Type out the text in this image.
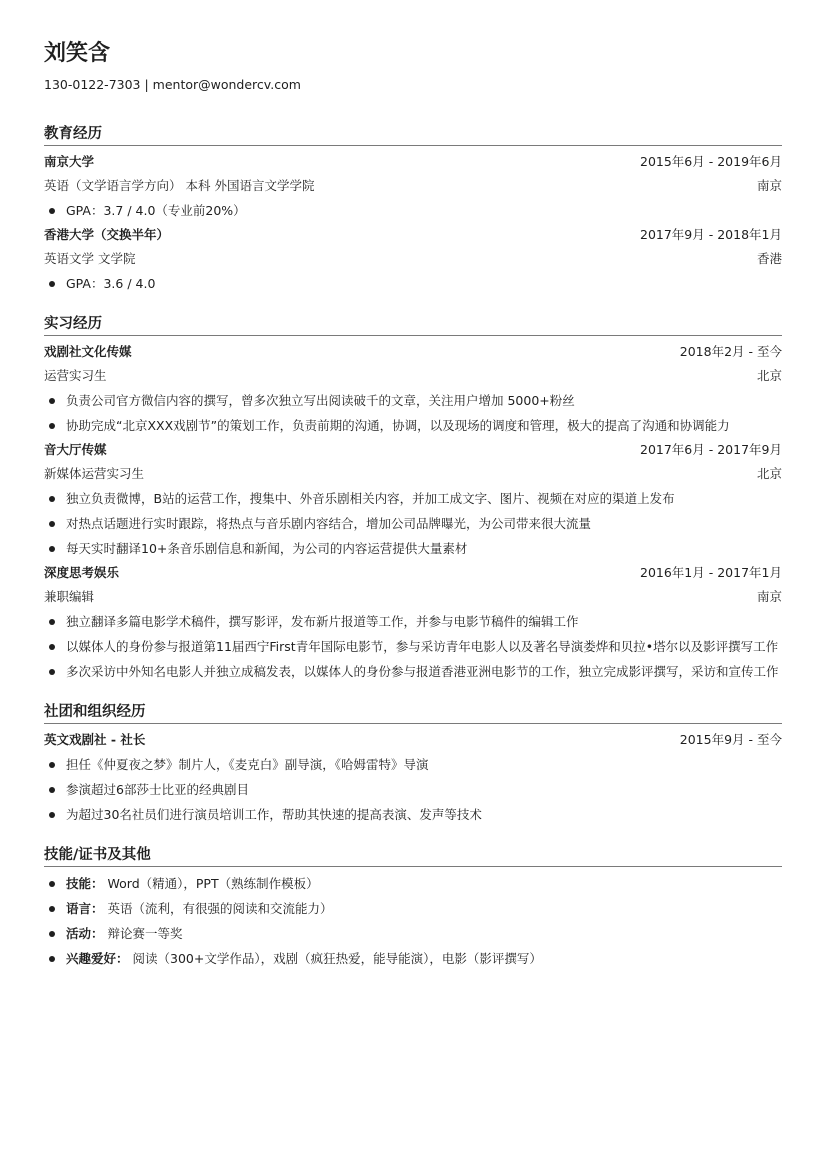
刘笑含
130-0122-7303 | mentor@wondercv.com
教育经历
南京大学	2015年6月 - 2019年6月
英语（文学语言学方向） 本科 外国语言文学学院	南京
GPA：3.7 / 4.0（专业前20%）
香港大学（交换半年）	2017年9月 - 2018年1月
英语文学 文学院	香港
GPA：3.6 / 4.0
实习经历
戏剧社文化传媒	2018年2月 - 至今
运营实习生	北京
负责公司官方微信内容的撰写，曾多次独立写出阅读破千的文章，关注用户增加 5000+粉丝
协助完成“北京XXX戏剧节”的策划工作，负责前期的沟通，协调，以及现场的调度和管理，极大的提高了沟通和协调能力
音大厅传媒	2017年6月 - 2017年9月
新媒体运营实习生	北京
独立负责微博，B站的运营工作，搜集中、外音乐剧相关内容，并加工成文字、图片、视频在对应的渠道上发布
对热点话题进行实时跟踪，将热点与音乐剧内容结合，增加公司品牌曝光，为公司带来很大流量
每天实时翻译10+条音乐剧信息和新闻，为公司的内容运营提供大量素材
深度思考娱乐	2016年1月 - 2017年1月
兼职编辑	南京
独立翻译多篇电影学术稿件，撰写影评，发布新片报道等工作，并参与电影节稿件的编辑工作
以媒体人的身份参与报道第11届西宁First青年国际电影节，参与采访青年电影人以及著名导演娄烨和贝拉•塔尔以及影评撰写工作
多次采访中外知名电影人并独立成稿发表，以媒体人的身份参与报道香港亚洲电影节的工作，独立完成影评撰写，采访和宣传工作
社团和组织经历
英文戏剧社 - 社长	2015年9月 - 至今
担任《仲夏夜之梦》制片人，《麦克白》副导演，《哈姆雷特》导演
参演超过6部莎士比亚的经典剧目
为超过30名社员们进行演员培训工作，帮助其快速的提高表演、发声等技术
技能/证书及其他
技能： Word（精通），PPT（熟练制作模板）
语言： 英语（流利，有很强的阅读和交流能力）
活动： 辩论赛一等奖
兴趣爱好： 阅读（300+文学作品），戏剧（疯狂热爱，能导能演），电影（影评撰写）
